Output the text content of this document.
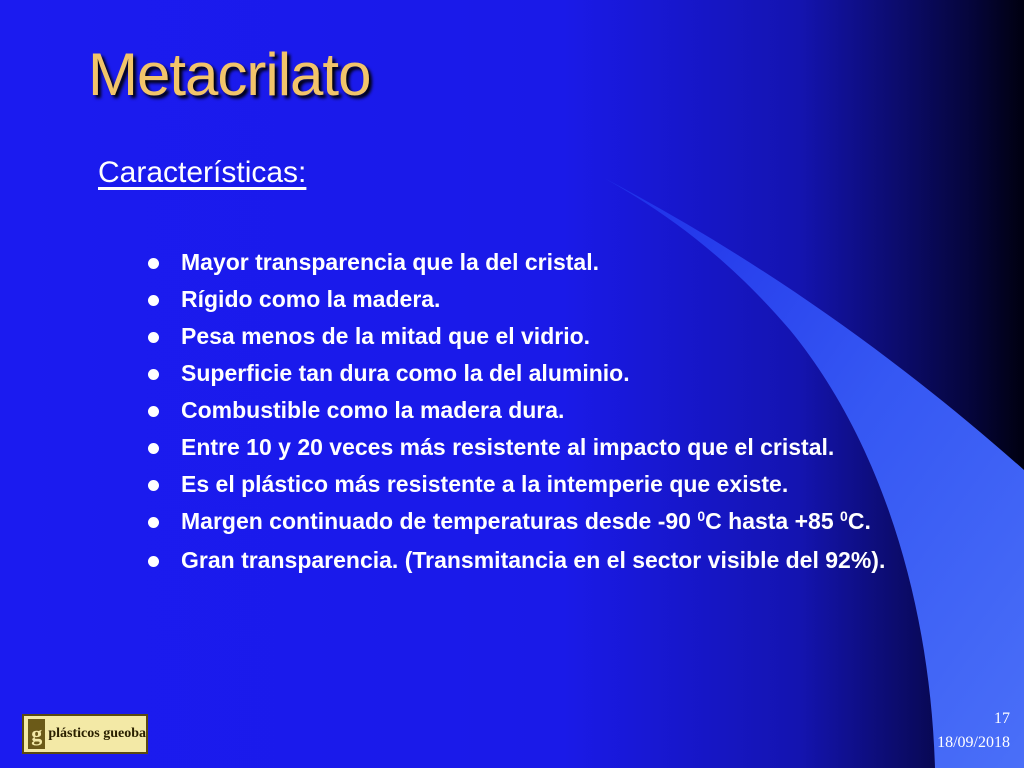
Metacrilato
Características:
Mayor transparencia que la del cristal.
Rígido como la madera.
Pesa menos de la mitad que el vidrio.
Superficie tan dura como la del aluminio.
Combustible como la madera dura.
Entre 10 y 20 veces más resistente al impacto que el cristal.
Es el plástico más resistente a la intemperie que existe.
Margen continuado de temperaturas desde -90 $^0$C hasta +85 $^0$C.
Gran transparencia. (Transmitancia en el sector visible del 92%).
g plásticos gueoba
17
18/09/2018
